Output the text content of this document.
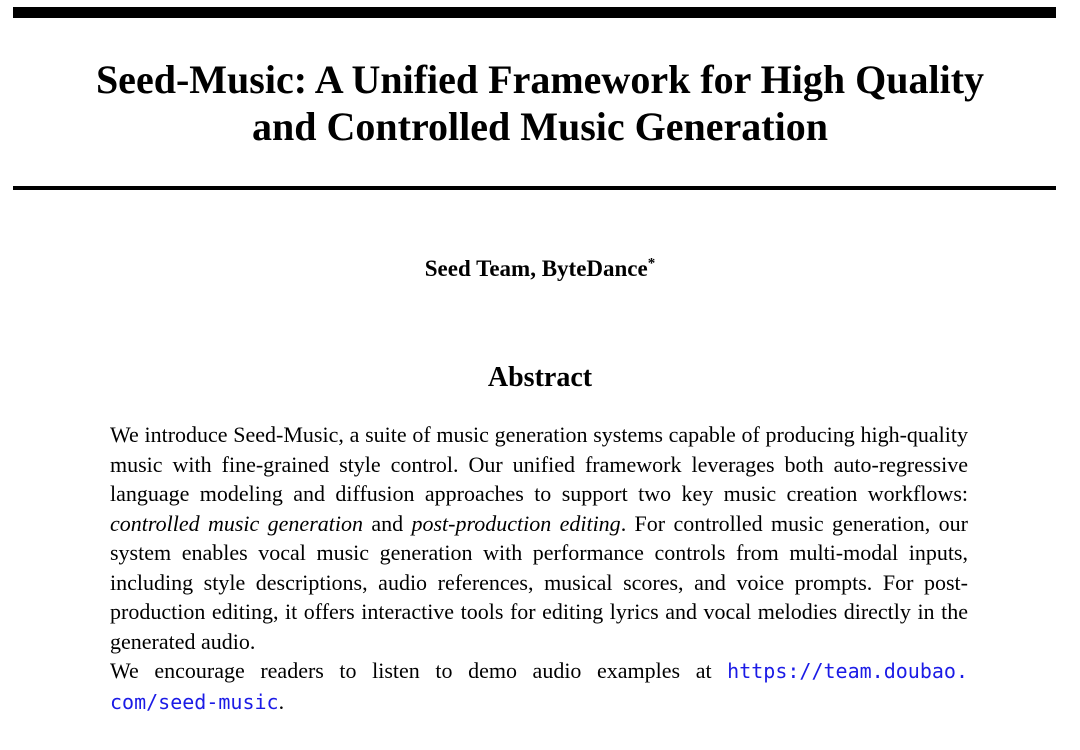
Seed-Music: A Unified Framework for High Quality
and Controlled Music Generation
Seed Team, ByteDance*
Abstract

We introduce Seed-Music, a suite of music generation systems capable of producing high-quality music with fine-grained style control. Our unified framework leverages both auto-regressive language modeling and diffusion approaches to support two key music creation workflows: controlled music generation and post-production editing. For controlled music generation, our system enables vocal music generation with performance controls from multi-modal inputs, including style descriptions, audio references, musical scores, and voice prompts. For post-production editing, it offers interactive tools for editing lyrics and vocal melodies directly in the generated audio.

We encourage readers to listen to demo audio examples at https://team.doubao.​com/seed-music.
